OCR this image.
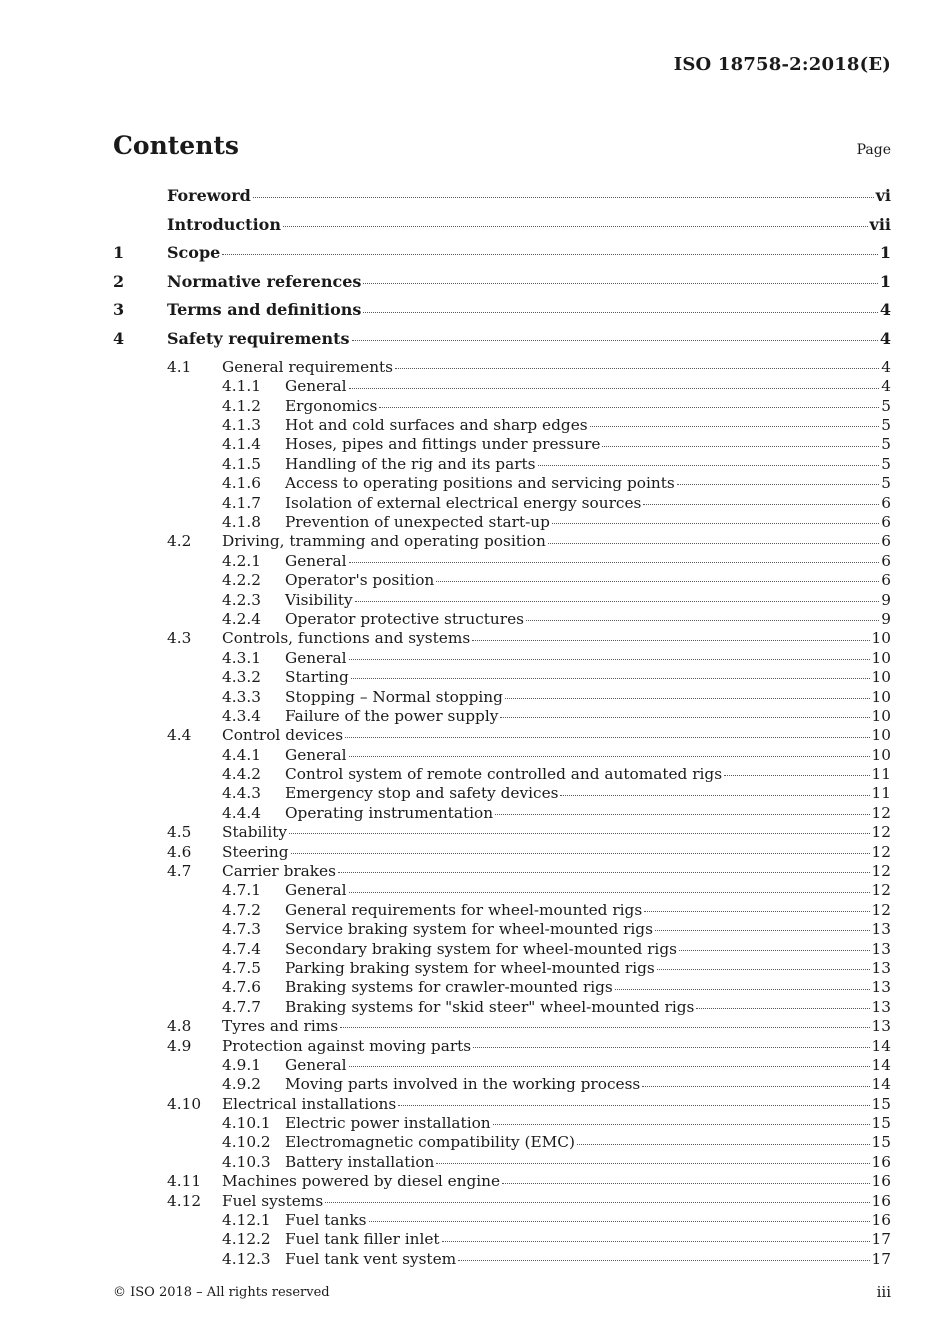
ISO 18758-2:2018(E)
Contents	Page
Foreword	vi
Introduction	vii
1	Scope	1
2	Normative references	1
3	Terms and definitions	4
4	Safety requirements	4
4.1	General requirements	4
4.1.1	General	4
4.1.2	Ergonomics	5
4.1.3	Hot and cold surfaces and sharp edges	5
4.1.4	Hoses, pipes and fittings under pressure	5
4.1.5	Handling of the rig and its parts	5
4.1.6	Access to operating positions and servicing points	5
4.1.7	Isolation of external electrical energy sources	6
4.1.8	Prevention of unexpected start-up	6
4.2	Driving, tramming and operating position	6
4.2.1	General	6
4.2.2	Operator's position	6
4.2.3	Visibility	9
4.2.4	Operator protective structures	9
4.3	Controls, functions and systems	10
4.3.1	General	10
4.3.2	Starting	10
4.3.3	Stopping – Normal stopping	10
4.3.4	Failure of the power supply	10
4.4	Control devices	10
4.4.1	General	10
4.4.2	Control system of remote controlled and automated rigs	11
4.4.3	Emergency stop and safety devices	11
4.4.4	Operating instrumentation	12
4.5	Stability	12
4.6	Steering	12
4.7	Carrier brakes	12
4.7.1	General	12
4.7.2	General requirements for wheel-mounted rigs	12
4.7.3	Service braking system for wheel-mounted rigs	13
4.7.4	Secondary braking system for wheel-mounted rigs	13
4.7.5	Parking braking system for wheel-mounted rigs	13
4.7.6	Braking systems for crawler-mounted rigs	13
4.7.7	Braking systems for "skid steer" wheel-mounted rigs	13
4.8	Tyres and rims	13
4.9	Protection against moving parts	14
4.9.1	General	14
4.9.2	Moving parts involved in the working process	14
4.10	Electrical installations	15
4.10.1 Electric power installation	15
4.10.2 Electromagnetic compatibility (EMC)	15
4.10.3 Battery installation	16
4.11	Machines powered by diesel engine	16
4.12	Fuel systems	16
4.12.1 Fuel tanks	16
4.12.2 Fuel tank filler inlet	17
4.12.3 Fuel tank vent system	17
© ISO 2018 – All rights reserved	iii
